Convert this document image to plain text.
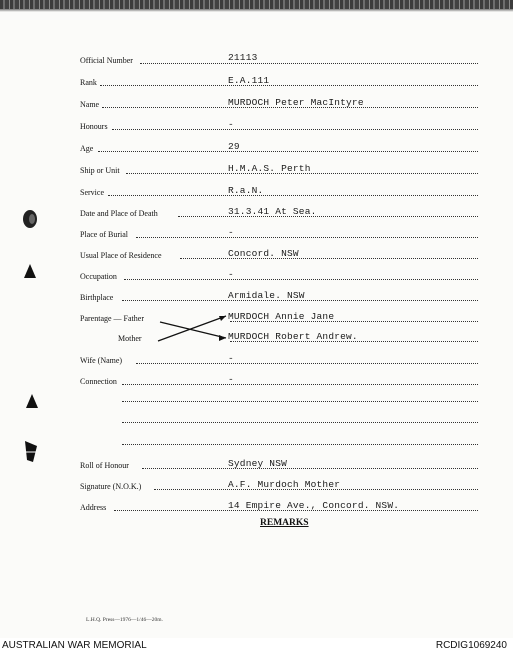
Official Number	21113
Rank	E.A.111
Name	MURDOCH Peter MacIntyre
Honours	-
Age	29
Ship or Unit	H.M.A.S. Perth
Service	R.a.N.
Date and Place of Death	31.3.41 At Sea.
Place of Burial	-
Usual Place of Residence	Concord. NSW
Occupation	-
Birthplace	Armidale. NSW
Parentage — Father	MURDOCH Annie Jane
Mother	MURDOCH Robert Andrew.
Wife (Name)	-
Connection	-
Roll of Honour	Sydney NSW
Signature (N.O.K.)	A.F. Murdoch Mother
Address	14 Empire Ave., Concord. NSW.
REMARKS
L.H.Q. Press—1976—1/46—20m.
AUSTRALIAN WAR MEMORIAL	RCDIG1069240
